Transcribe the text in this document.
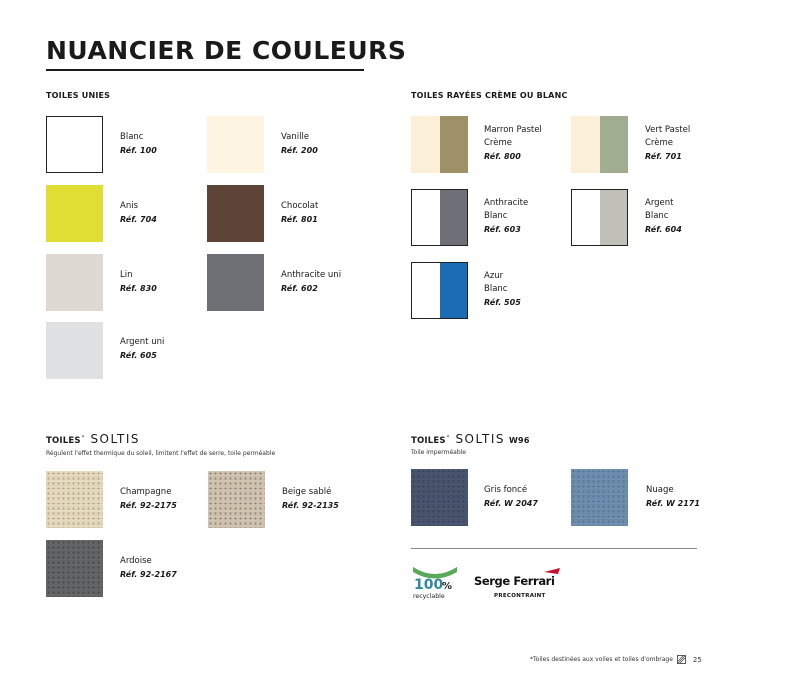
NUANCIER DE COULEURS
TOILES UNIES
Blanc
Réf. 100
Vanille
Réf. 200
Anis
Réf. 704
Chocolat
Réf. 801
Lin
Réf. 830
Anthracite uni
Réf. 602
Argent uni
Réf. 605
TOILES RAYÉES CRÈME OU BLANC
Marron Pastel
Crème
Réf. 800
Vert Pastel
Crème
Réf. 701
Anthracite
Blanc
Réf. 603
Argent
Blanc
Réf. 604
Azur
Blanc
Réf. 505
TOILES* SOLTIS
Régulent l'effet thermique du soleil, limitent l'effet de serre, toile perméable
Champagne
Réf. 92-2175
Beige sablé
Réf. 92-2135
Ardoise
Réf. 92-2167
TOILES* SOLTIS W96
Toile imperméable
Gris foncé
Réf. W 2047
Nuage
Réf. W 2171
100
%
recyclable
Serge Ferrari
PRECONTRAINT
*Toiles destinées aux voiles et toiles d'ombrage	25
